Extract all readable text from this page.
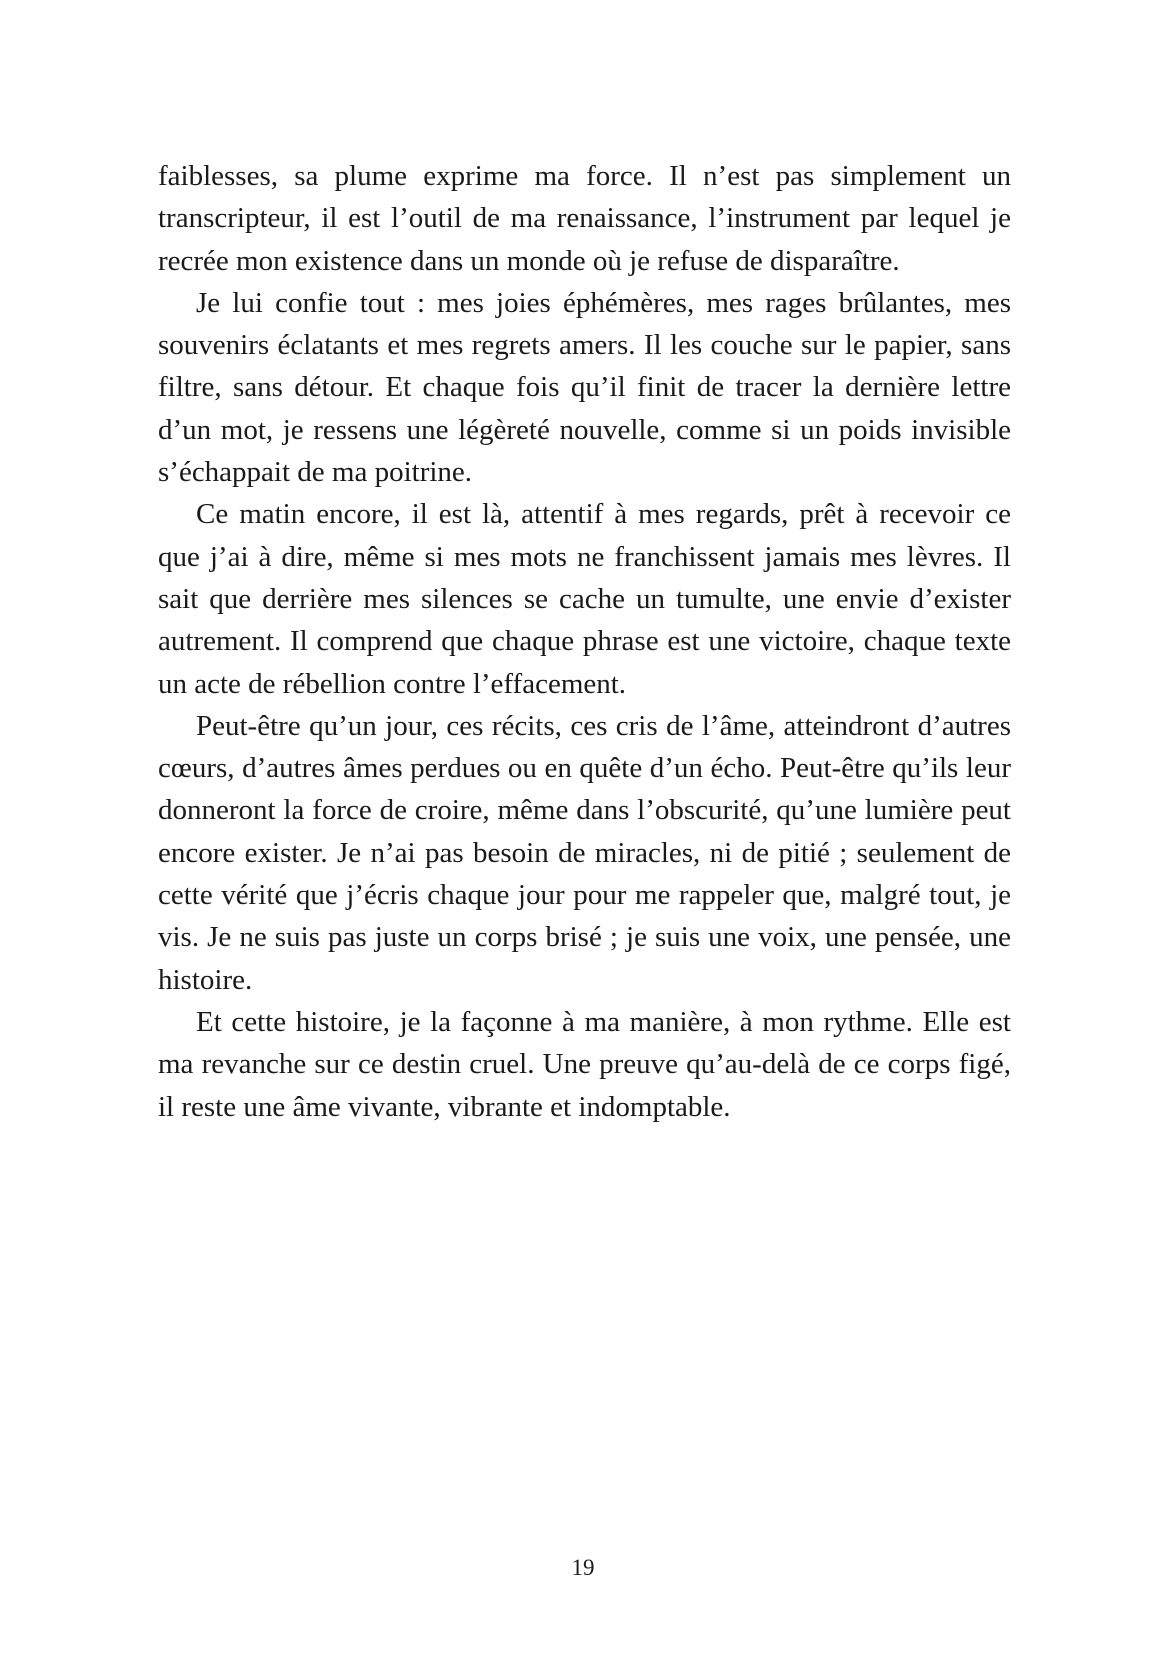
faiblesses, sa plume exprime ma force. Il n’est pas simplement un transcripteur, il est l’outil de ma renaissance, l’instrument par lequel je recrée mon existence dans un monde où je refuse de disparaître.

Je lui confie tout : mes joies éphémères, mes rages brûlantes, mes souvenirs éclatants et mes regrets amers. Il les couche sur le papier, sans filtre, sans détour. Et chaque fois qu’il finit de tracer la dernière lettre d’un mot, je ressens une légèreté nouvelle, comme si un poids invisible s’échappait de ma poitrine.

Ce matin encore, il est là, attentif à mes regards, prêt à recevoir ce que j’ai à dire, même si mes mots ne franchissent jamais mes lèvres. Il sait que derrière mes silences se cache un tumulte, une envie d’exister autrement. Il comprend que chaque phrase est une victoire, chaque texte un acte de rébellion contre l’effacement.

Peut-être qu’un jour, ces récits, ces cris de l’âme, atteindront d’autres cœurs, d’autres âmes perdues ou en quête d’un écho. Peut-être qu’ils leur donneront la force de croire, même dans l’obscurité, qu’une lumière peut encore exister. Je n’ai pas besoin de miracles, ni de pitié ; seulement de cette vérité que j’écris chaque jour pour me rappeler que, malgré tout, je vis. Je ne suis pas juste un corps brisé ; je suis une voix, une pensée, une histoire.

Et cette histoire, je la façonne à ma manière, à mon rythme. Elle est ma revanche sur ce destin cruel. Une preuve qu’au-delà de ce corps figé, il reste une âme vivante, vibrante et indomptable.

19
